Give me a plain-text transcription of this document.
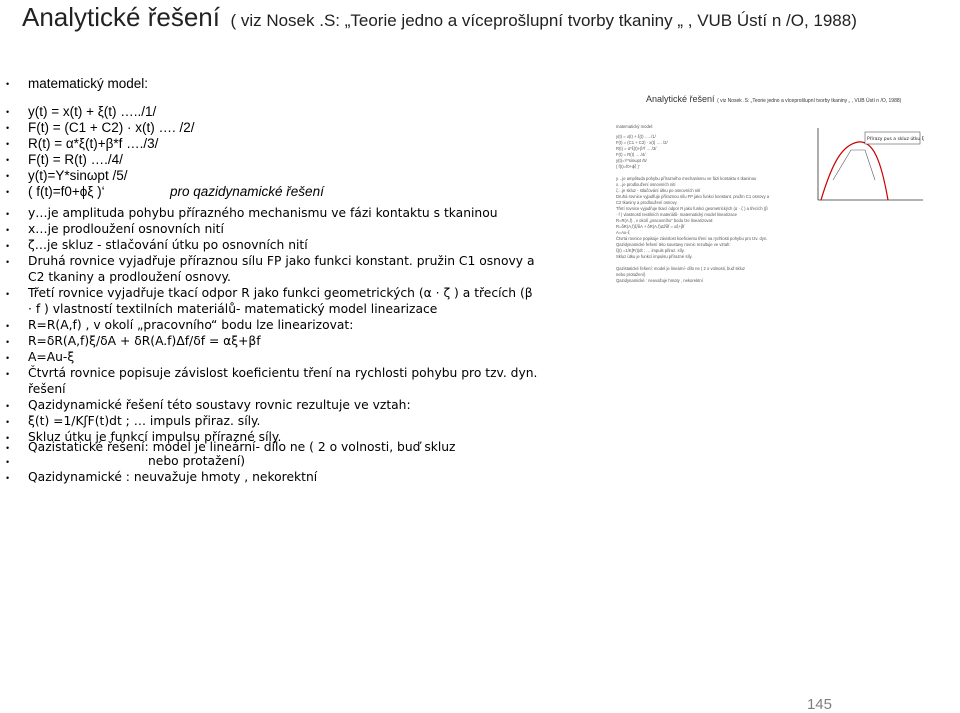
Analytické řešení ( viz Nosek .S: „Teorie jedno a víceprošlupní tvorby tkaniny „ , VUB Ústí n /O, 1988)
• matematický model:
• y(t) = x(t) + ξ(t) …../1/
• F(t) = (C1 + C2) · x(t) …. /2/
• R(t) = α*ξ(t)+β*f …./3/
• F(t) = R(t) …./4/
• y(t)=Y*sinωpt /5/
• ( f(t)=f0+ϕξ )‘	pro qazidynamické řešení
• y…je amplituda pohybu přírazného mechanismu ve fázi kontaktu s tkaninou
• x…je prodloužení osnovních nití
• ζ…je skluz - stlačování útku po osnovních nití
• Druhá rovnice vyjadřuje příraznou sílu FP jako funkci konstant. pružin C1 osnovy a
C2 tkaniny a prodloužení osnovy.
• Třetí rovnice vyjadřuje tkací odpor R jako funkci geometrických (α · ζ ) a třecích (β
· f ) vlastností textilních materiálů- matematický model linearizace
• R=R(A,f) , v okolí „pracovního“ bodu lze linearizovat:
• R=δR(A,f)ξ/δA + δR(A.f)Δf/δf = αξ+βf
• A=Au-ξ
• Čtvrtá rovnice popisuje závislost koeficientu tření na rychlosti pohybu pro tzv. dyn.
řešení
• Qazidynamické řešení této soustavy rovnic rezultuje ve vztah:
• ξ(t) =1/KʃF(t)dt ; … impuls přiraz. síly.
• Skluz útku je funkcí impulsu přírazné síly.
• Qazistatické řešení: model je lineární- dílo ne ( 2 o volnosti, buď skluz
•	nebo protažení)
• Qazidynamické : neuvažuje hmoty , nekorektní
Analytické řešení ( viz Nosek .S: „Teorie jedno a víceprošlupní tvorby tkaniny „ , VUB Ústí n /O, 1988)
matematický model:
y(t) = x(t) + ξ(t) …../1/
F(t) = (C1 + C2) · x(t) …. /2/
R(t) = α*ξ(t)+β*f …./3/
F(t) = R(t) …./4/
y(t)=Y*sinωpt /5/
( f(t)=f0+ϕξ )‘
y…je amplituda pohybu přírazného mechanismu ve fázi kontaktu s tkaninou
x…je prodloužení osnovních nití
ζ…je skluz - stlačování útku po osnovních nití
Druhá rovnice vyjadřuje příraznou sílu FP jako funkci konstant. pružin C1 osnovy a
C2 tkaniny a prodloužení osnovy.
Třetí rovnice vyjadřuje tkací odpor R jako funkci geometrických (α · ζ ) a třecích (β
· f ) vlastností textilních materiálů- matematický model linearizace
R=R(A,f) , v okolí „pracovního“ bodu lze linearizovat:
R=δR(A,f)ξ/δA + δR(A.f)Δf/δf = αξ+βf
A=Au-ξ
Čtvrtá rovnice popisuje závislost koeficientu tření na rychlosti pohybu pro tzv. dyn.
Qazidynamické řešení této soustavy rovnic rezultuje ve vztah:
ξ(t) =1/KʃF(t)dt ; … impuls přiraz. síly.
Skluz útku je funkcí impulsu přírazné síly.
Qazistatické řešení: model je lineární- dílo ne ( 2 o volnosti, buď skluz
nebo protažení)
Qazidynamické : neuvažuje hmoty , nekorektní
Přírazy pus a skluz útku ξ
145
